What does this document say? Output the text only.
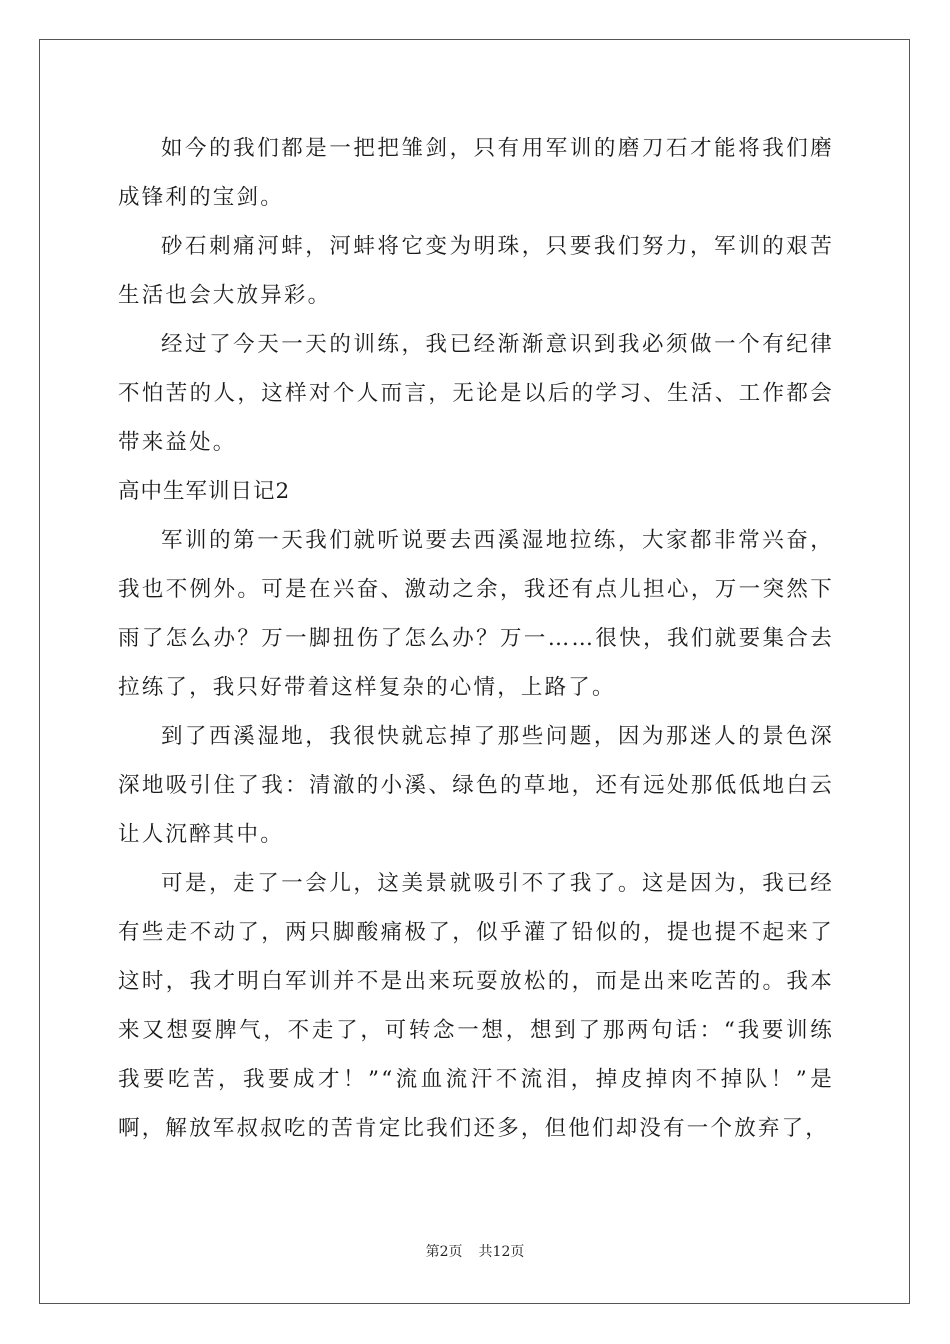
如今的我们都是一把把雏剑，只有用军训的磨刀石才能将我们磨成锋利的宝剑。

砂石刺痛河蚌，河蚌将它变为明珠，只要我们努力，军训的艰苦生活也会大放异彩。

经过了今天一天的训练，我已经渐渐意识到我必须做一个有纪律不怕苦的人，这样对个人而言，无论是以后的学习、生活、工作都会带来益处。

高中生军训日记2

军训的第一天我们就听说要去西溪湿地拉练，大家都非常兴奋，我也不例外。可是在兴奋、激动之余，我还有点儿担心，万一突然下雨了怎么办？万一脚扭伤了怎么办？万一……很快，我们就要集合去拉练了，我只好带着这样复杂的心情，上路了。

到了西溪湿地，我很快就忘掉了那些问题，因为那迷人的景色深深地吸引住了我：清澈的小溪、绿色的草地，还有远处那低低地白云让人沉醉其中。

可是，走了一会儿，这美景就吸引不了我了。这是因为，我已经有些走不动了，两只脚酸痛极了，似乎灌了铅似的，提也提不起来了这时，我才明白军训并不是出来玩耍放松的，而是出来吃苦的。我本来又想耍脾气，不走了，可转念一想，想到了那两句话：“我要训练我要吃苦，我要成才！”“流血流汗不流泪，掉皮掉肉不掉队！”是啊，解放军叔叔吃的苦肯定比我们还多，但他们却没有一个放弃了，

第2页 共12页
